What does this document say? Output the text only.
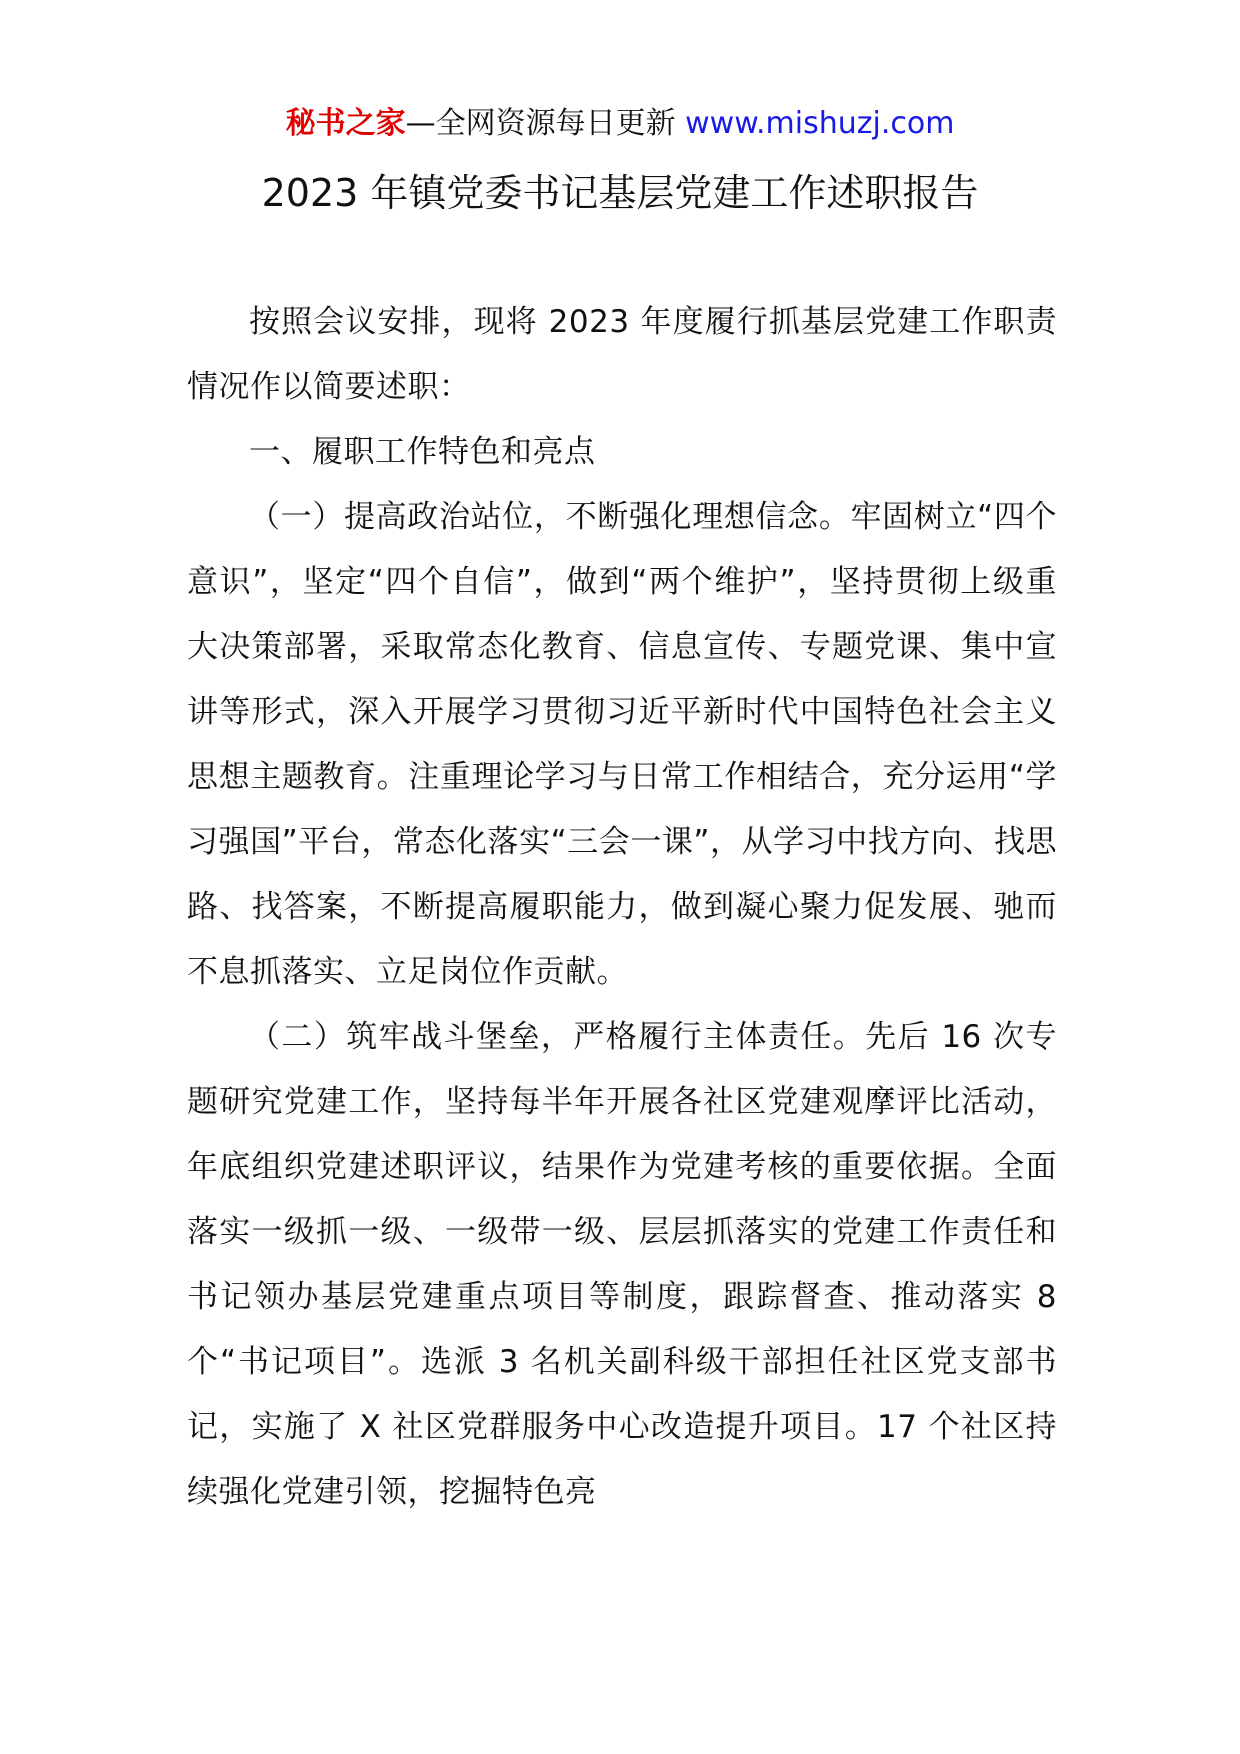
秘书之家—全网资源每日更新 www.mishuzj.com
2023 年镇党委书记基层党建工作述职报告

按照会议安排，现将 2023 年度履行抓基层党建工作职责情况作以简要述职：

一、履职工作特色和亮点

（一）提高政治站位，不断强化理想信念。牢固树立“四个意识”，坚定“四个自信”，做到“两个维护”，坚持贯彻上级重大决策部署，采取常态化教育、信息宣传、专题党课、集中宣讲等形式，深入开展学习贯彻习近平新时代中国特色社会主义思想主题教育。注重理论学习与日常工作相结合，充分运用“学习强国”平台，常态化落实“三会一课”，从学习中找方向、找思路、找答案，不断提高履职能力，做到凝心聚力促发展、驰而不息抓落实、立足岗位作贡献。

（二）筑牢战斗堡垒，严格履行主体责任。先后 16 次专题研究党建工作，坚持每半年开展各社区党建观摩评比活动，年底组织党建述职评议，结果作为党建考核的重要依据。全面落实一级抓一级、一级带一级、层层抓落实的党建工作责任和书记领办基层党建重点项目等制度，跟踪督查、推动落实 8 个“书记项目”。选派 3 名机关副科级干部担任社区党支部书记，实施了 X 社区党群服务中心改造提升项目。17 个社区持续强化党建引领，挖掘特色亮
